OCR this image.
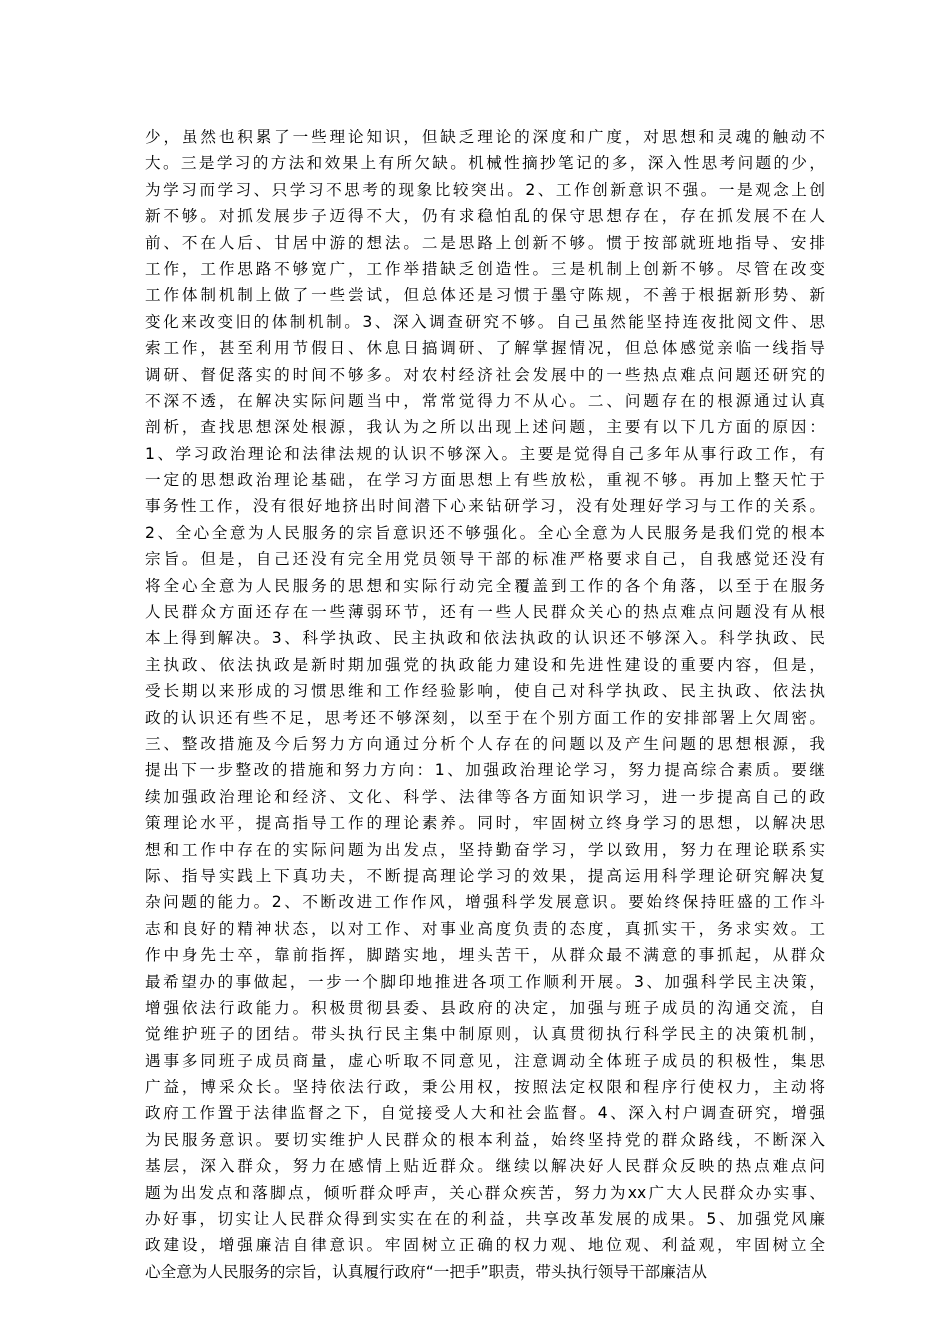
少，虽然也积累了一些理论知识，但缺乏理论的深度和广度，对思想和灵魂的触动不
大。三是学习的方法和效果上有所欠缺。机械性摘抄笔记的多，深入性思考问题的少，
为学习而学习、只学习不思考的现象比较突出。2、工作创新意识不强。一是观念上创
新不够。对抓发展步子迈得不大，仍有求稳怕乱的保守思想存在，存在抓发展不在人
前、不在人后、甘居中游的想法。二是思路上创新不够。惯于按部就班地指导、安排
工作，工作思路不够宽广，工作举措缺乏创造性。三是机制上创新不够。尽管在改变
工作体制机制上做了一些尝试，但总体还是习惯于墨守陈规，不善于根据新形势、新
变化来改变旧的体制机制。3、深入调查研究不够。自己虽然能坚持连夜批阅文件、思
索工作，甚至利用节假日、休息日搞调研、了解掌握情况，但总体感觉亲临一线指导
调研、督促落实的时间不够多。对农村经济社会发展中的一些热点难点问题还研究的
不深不透，在解决实际问题当中，常常觉得力不从心。二、问题存在的根源通过认真
剖析，查找思想深处根源，我认为之所以出现上述问题，主要有以下几方面的原因：
1、学习政治理论和法律法规的认识不够深入。主要是觉得自己多年从事行政工作，有
一定的思想政治理论基础，在学习方面思想上有些放松，重视不够。再加上整天忙于
事务性工作，没有很好地挤出时间潜下心来钻研学习，没有处理好学习与工作的关系。
2、全心全意为人民服务的宗旨意识还不够强化。全心全意为人民服务是我们党的根本
宗旨。但是，自己还没有完全用党员领导干部的标准严格要求自己，自我感觉还没有
将全心全意为人民服务的思想和实际行动完全覆盖到工作的各个角落，以至于在服务
人民群众方面还存在一些薄弱环节，还有一些人民群众关心的热点难点问题没有从根
本上得到解决。3、科学执政、民主执政和依法执政的认识还不够深入。科学执政、民
主执政、依法执政是新时期加强党的执政能力建设和先进性建设的重要内容，但是，
受长期以来形成的习惯思维和工作经验影响，使自己对科学执政、民主执政、依法执
政的认识还有些不足，思考还不够深刻，以至于在个别方面工作的安排部署上欠周密。
三、整改措施及今后努力方向通过分析个人存在的问题以及产生问题的思想根源，我
提出下一步整改的措施和努力方向：1、加强政治理论学习，努力提高综合素质。要继
续加强政治理论和经济、文化、科学、法律等各方面知识学习，进一步提高自己的政
策理论水平，提高指导工作的理论素养。同时，牢固树立终身学习的思想，以解决思
想和工作中存在的实际问题为出发点，坚持勤奋学习，学以致用，努力在理论联系实
际、指导实践上下真功夫，不断提高理论学习的效果，提高运用科学理论研究解决复
杂问题的能力。2、不断改进工作作风，增强科学发展意识。要始终保持旺盛的工作斗
志和良好的精神状态，以对工作、对事业高度负责的态度，真抓实干，务求实效。工
作中身先士卒，靠前指挥，脚踏实地，埋头苦干，从群众最不满意的事抓起，从群众
最希望办的事做起，一步一个脚印地推进各项工作顺利开展。3、加强科学民主决策，
增强依法行政能力。积极贯彻县委、县政府的决定，加强与班子成员的沟通交流，自
觉维护班子的团结。带头执行民主集中制原则，认真贯彻执行科学民主的决策机制，
遇事多同班子成员商量，虚心听取不同意见，注意调动全体班子成员的积极性，集思
广益，博采众长。坚持依法行政，秉公用权，按照法定权限和程序行使权力，主动将
政府工作置于法律监督之下，自觉接受人大和社会监督。4、深入村户调查研究，增强
为民服务意识。要切实维护人民群众的根本利益，始终坚持党的群众路线，不断深入
基层，深入群众，努力在感情上贴近群众。继续以解决好人民群众反映的热点难点问
题为出发点和落脚点，倾听群众呼声，关心群众疾苦，努力为xx广大人民群众办实事、
办好事，切实让人民群众得到实实在在的利益，共享改革发展的成果。5、加强党风廉
政建设，增强廉洁自律意识。牢固树立正确的权力观、地位观、利益观，牢固树立全
心全意为人民服务的宗旨，认真履行政府“一把手”职责，带头执行领导干部廉洁从
